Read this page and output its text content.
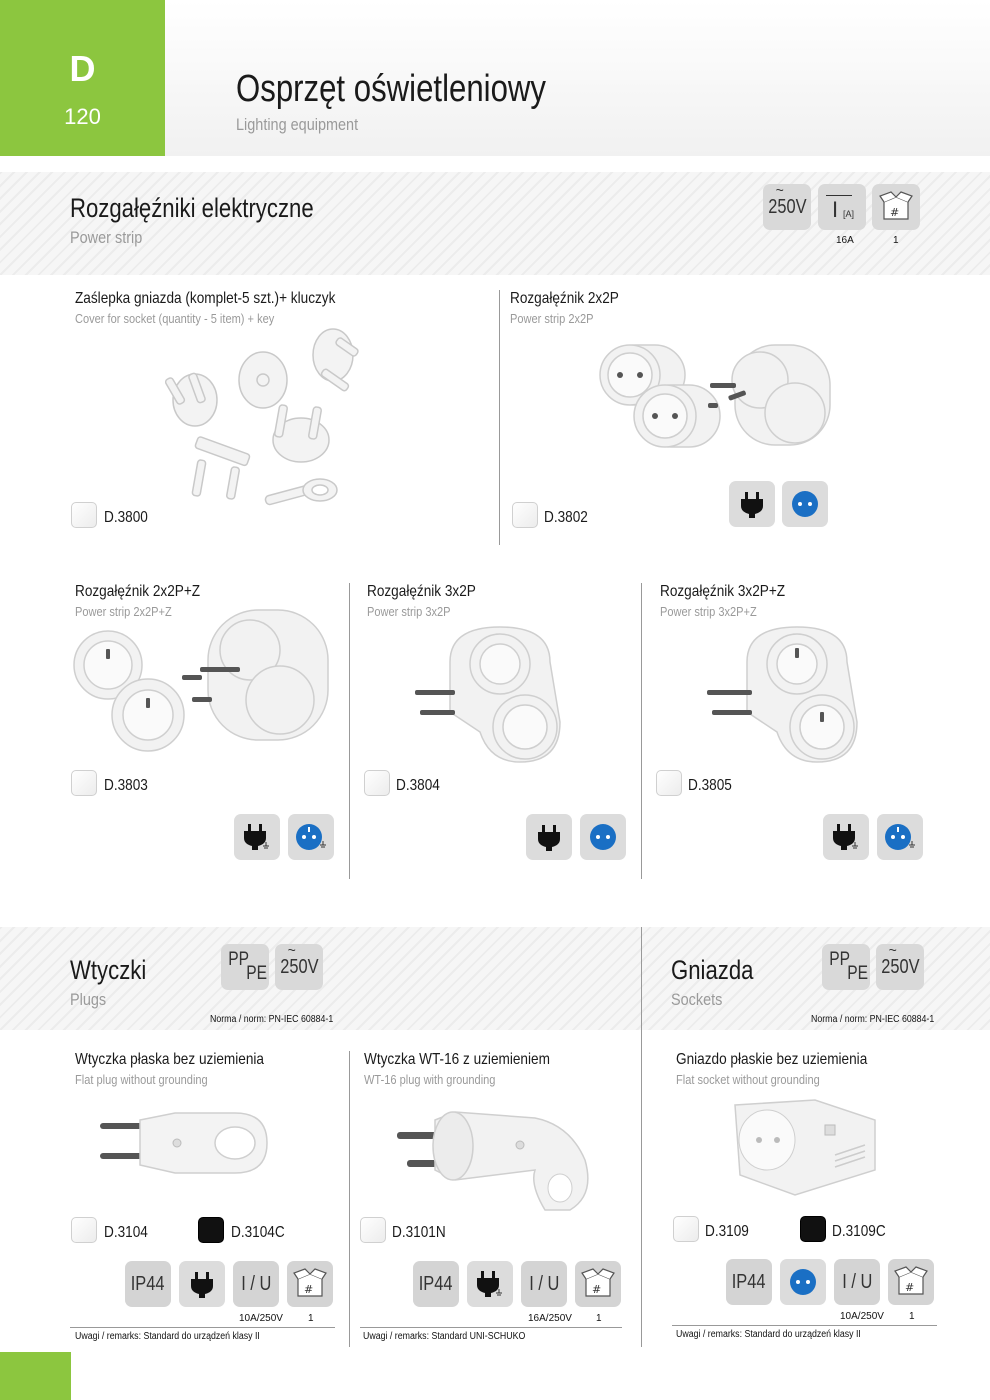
D
120
Osprzęt oświetleniowy
Lighting equipment
Rozgałęźniki elektryczne
Power strip
~
250V I [A]	#
16A	1
Zaślepka gniazda (komplet-5 szt.)+ kluczyk
Cover for socket (quantity - 5 item) + key
D.3800
Rozgałęźnik 2x2P
Power strip 2x2P
D.3802
Rozgałęźnik 2x2P+Z
Power strip 2x2P+Z
D.3803
Rozgałęźnik 3x2P
Power strip 3x2P
D.3804
Rozgałęźnik 3x2P+Z
Power strip 3x2P+Z
D.3805
Wtyczki
Plugs
PP
PE
~
250V
Norma / norm: PN-IEC 60884-1
Gniazda
Sockets
PP
PE
~
250V
Norma / norm: PN-IEC 60884-1
Wtyczka płaska bez uziemienia
Flat plug without grounding
D.3104	D.3104C
IP44	I / U	#
10A/250V	1
Uwagi / remarks: Standard do urządzeń klasy II
Wtyczka WT-16 z uziemieniem
WT-16 plug with grounding
D.3101N
IP44	I / U	#
16A/250V 1
Uwagi / remarks: Standard UNI-SCHUKO
Gniazdo płaskie bez uziemienia
Flat socket without grounding
D.3109	D.3109C
IP44	I / U	#
10A/250V	1
Uwagi / remarks: Standard do urządzeń klasy II
